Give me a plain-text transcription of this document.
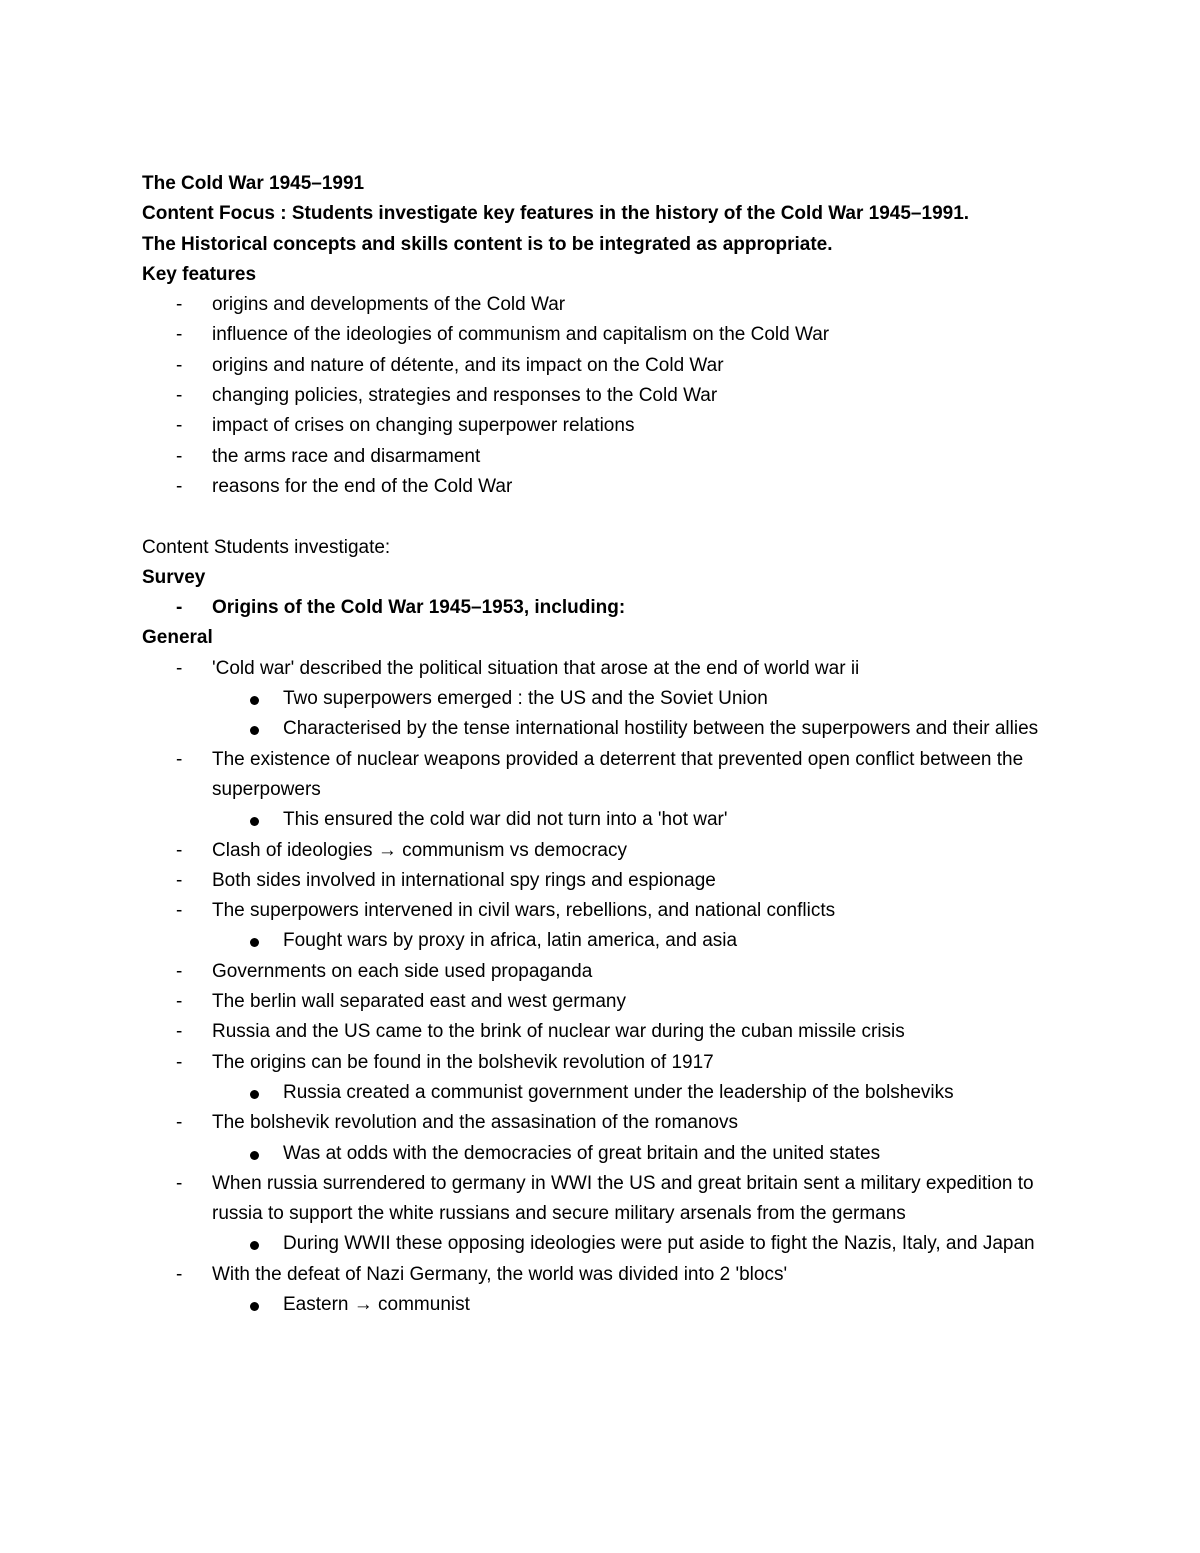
The Cold War 1945–1991

Content Focus : Students investigate key features in the history of the Cold War 1945–1991.

The Historical concepts and skills content is to be integrated as appropriate.

Key features

-	origins and developments of the Cold War
-	influence of the ideologies of communism and capitalism on the Cold War
-	origins and nature of détente, and its impact on the Cold War
-	changing policies, strategies and responses to the Cold War
-	impact of crises on changing superpower relations
-	the arms race and disarmament
-	reasons for the end of the Cold War

Content Students investigate:

Survey

-	Origins of the Cold War 1945–1953, including:

General

-	'Cold war' described the political situation that arose at the end of world war ii
Two superpowers emerged : the US and the Soviet Union
Characterised by the tense international hostility between the superpowers and their allies
-	The existence of nuclear weapons provided a deterrent that prevented open conflict between the superpowers
This ensured the cold war did not turn into a 'hot war'
-	Clash of ideologies → communism vs democracy
-	Both sides involved in international spy rings and espionage
-	The superpowers intervened in civil wars, rebellions, and national conflicts
Fought wars by proxy in africa, latin america, and asia
-	Governments on each side used propaganda
-	The berlin wall separated east and west germany
-	Russia and the US came to the brink of nuclear war during the cuban missile crisis
-	The origins can be found in the bolshevik revolution of 1917
Russia created a communist government under the leadership of the bolsheviks
-	The bolshevik revolution and the assasination of the romanovs
Was at odds with the democracies of great britain and the united states
-	When russia surrendered to germany in WWI the US and great britain sent a military expedition to russia to support the white russians and secure military arsenals from the germans
During WWII these opposing ideologies were put aside to fight the Nazis, Italy, and Japan
-	With the defeat of Nazi Germany, the world was divided into 2 'blocs'
Eastern → communist
